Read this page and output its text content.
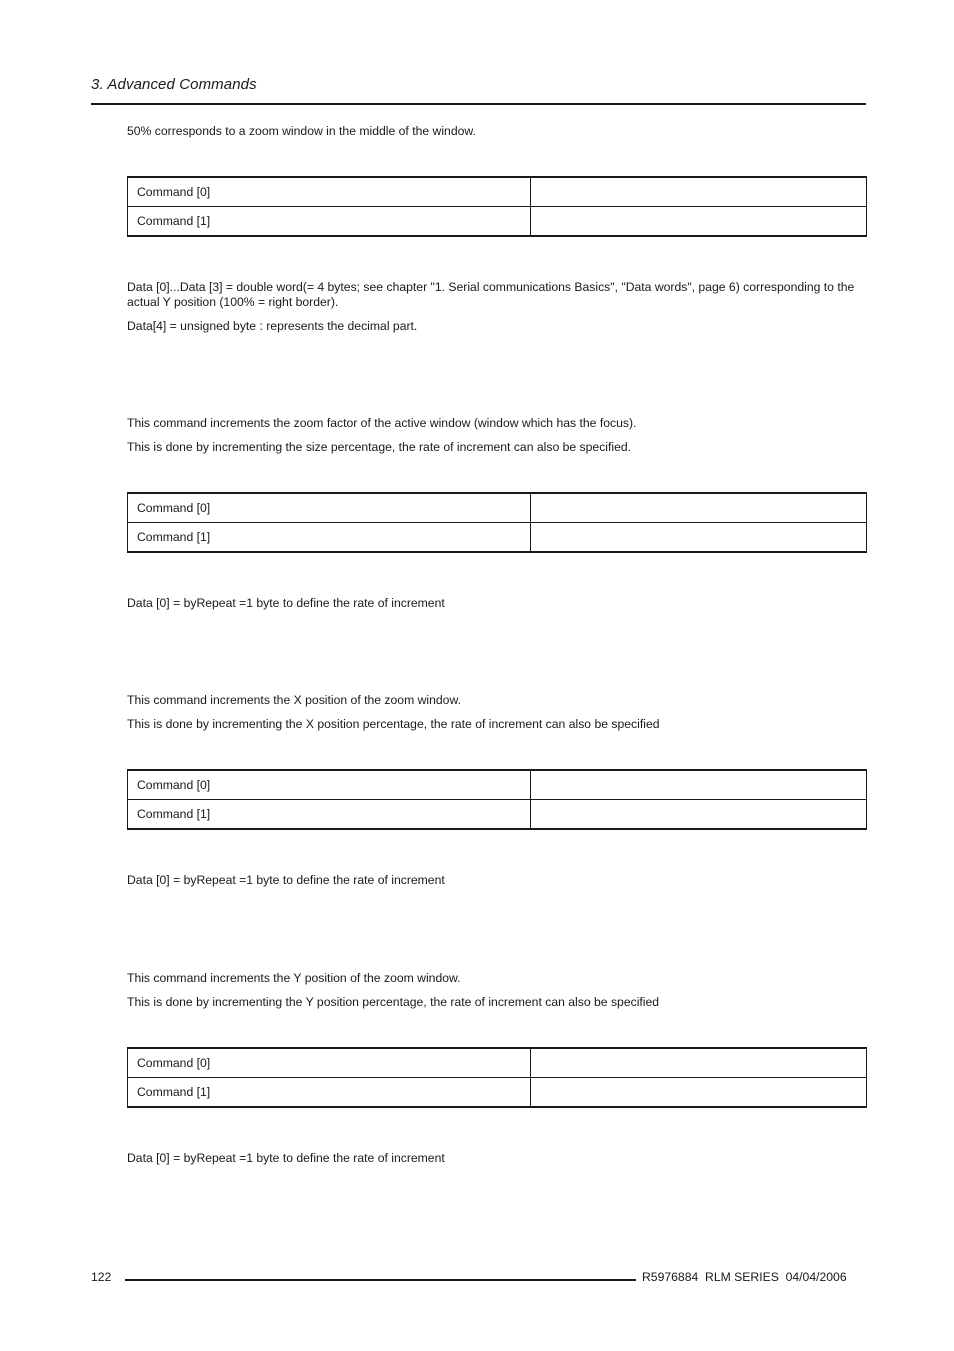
3. Advanced Commands

50% corresponds to a zoom window in the middle of the window.

Command [0]	
Command [1]	

Data [0]...Data [3] = double word(= 4 bytes; see chapter "1. Serial communications Basics", "Data words", page 6) corresponding to the actual Y position (100% = right border).

Data[4] = unsigned byte : represents the decimal part.

This command increments the zoom factor of the active window (window which has the focus).

This is done by incrementing the size percentage, the rate of increment can also be specified.

Command [0]	
Command [1]	

Data [0] = byRepeat =1 byte to define the rate of increment

This command increments the X position of the zoom window.

This is done by incrementing the X position percentage, the rate of increment can also be specified

Command [0]	
Command [1]	

Data [0] = byRepeat =1 byte to define the rate of increment

This command increments the Y position of the zoom window.

This is done by incrementing the Y position percentage, the rate of increment can also be specified

Command [0]	
Command [1]	

Data [0] = byRepeat =1 byte to define the rate of increment

122	R5976884  RLM SERIES  04/04/2006
